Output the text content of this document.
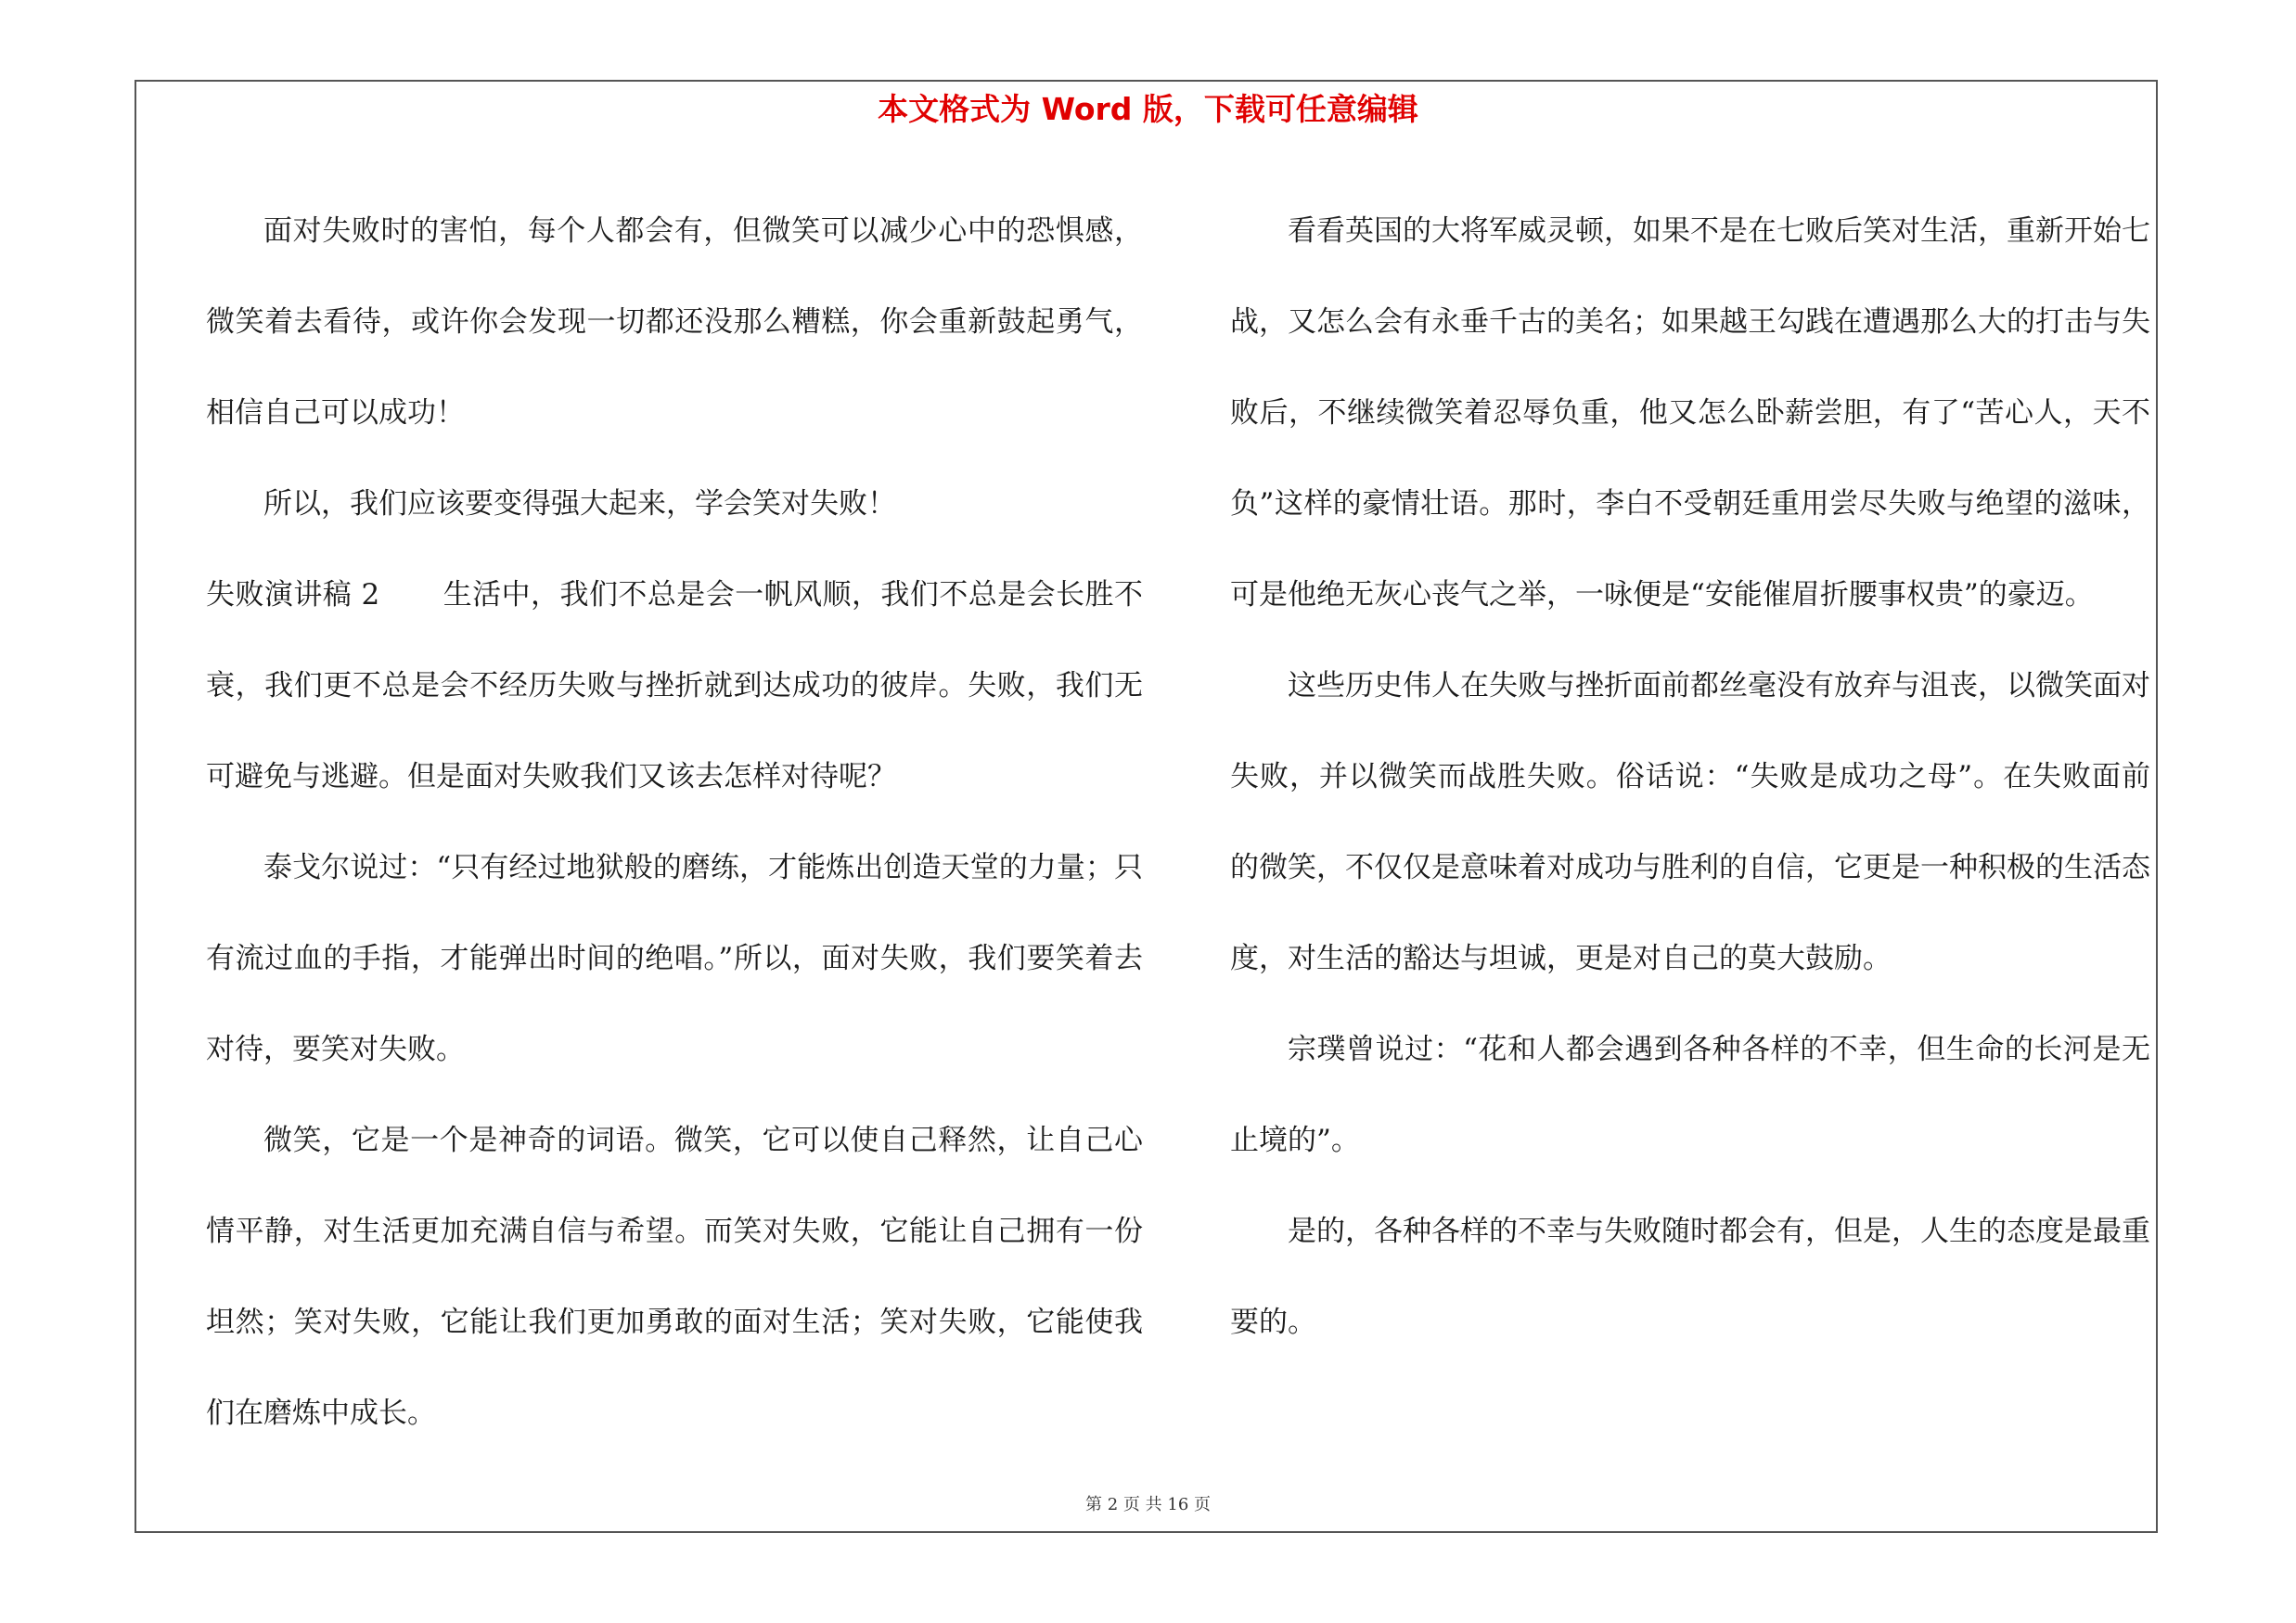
本文格式为 Word 版，下载可任意编辑

面对失败时的害怕，每个人都会有，但微笑可以减少心中的恐惧感，微笑着去看待，或许你会发现一切都还没那么糟糕，你会重新鼓起勇气，相信自己可以成功！

所以，我们应该要变得强大起来，学会笑对失败！

失败演讲稿 2 生活中，我们不总是会一帆风顺，我们不总是会长胜不衰，我们更不总是会不经历失败与挫折就到达成功的彼岸。失败，我们无可避免与逃避。但是面对失败我们又该去怎样对待呢？

泰戈尔说过：“只有经过地狱般的磨练，才能炼出创造天堂的力量；只有流过血的手指，才能弹出时间的绝唱。”所以，面对失败，我们要笑着去对待，要笑对失败。

微笑，它是一个是神奇的词语。微笑，它可以使自己释然，让自己心情平静，对生活更加充满自信与希望。而笑对失败，它能让自己拥有一份坦然；笑对失败，它能让我们更加勇敢的面对生活；笑对失败，它能使我们在磨炼中成长。

看看英国的大将军威灵顿，如果不是在七败后笑对生活，重新开始七战，又怎么会有永垂千古的美名；如果越王勾践在遭遇那么大的打击与失败后，不继续微笑着忍辱负重，他又怎么卧薪尝胆，有了“苦心人，天不负”这样的豪情壮语。那时，李白不受朝廷重用尝尽失败与绝望的滋味，可是他绝无灰心丧气之举，一咏便是“安能催眉折腰事权贵”的豪迈。

这些历史伟人在失败与挫折面前都丝毫没有放弃与沮丧，以微笑面对失败，并以微笑而战胜失败。俗话说：“失败是成功之母”。在失败面前的微笑，不仅仅是意味着对成功与胜利的自信，它更是一种积极的生活态度，对生活的豁达与坦诚，更是对自己的莫大鼓励。

宗璞曾说过：“花和人都会遇到各种各样的不幸，但生命的长河是无止境的”。

是的，各种各样的不幸与失败随时都会有，但是，人生的态度是最重要的。

第 2 页 共 16 页
